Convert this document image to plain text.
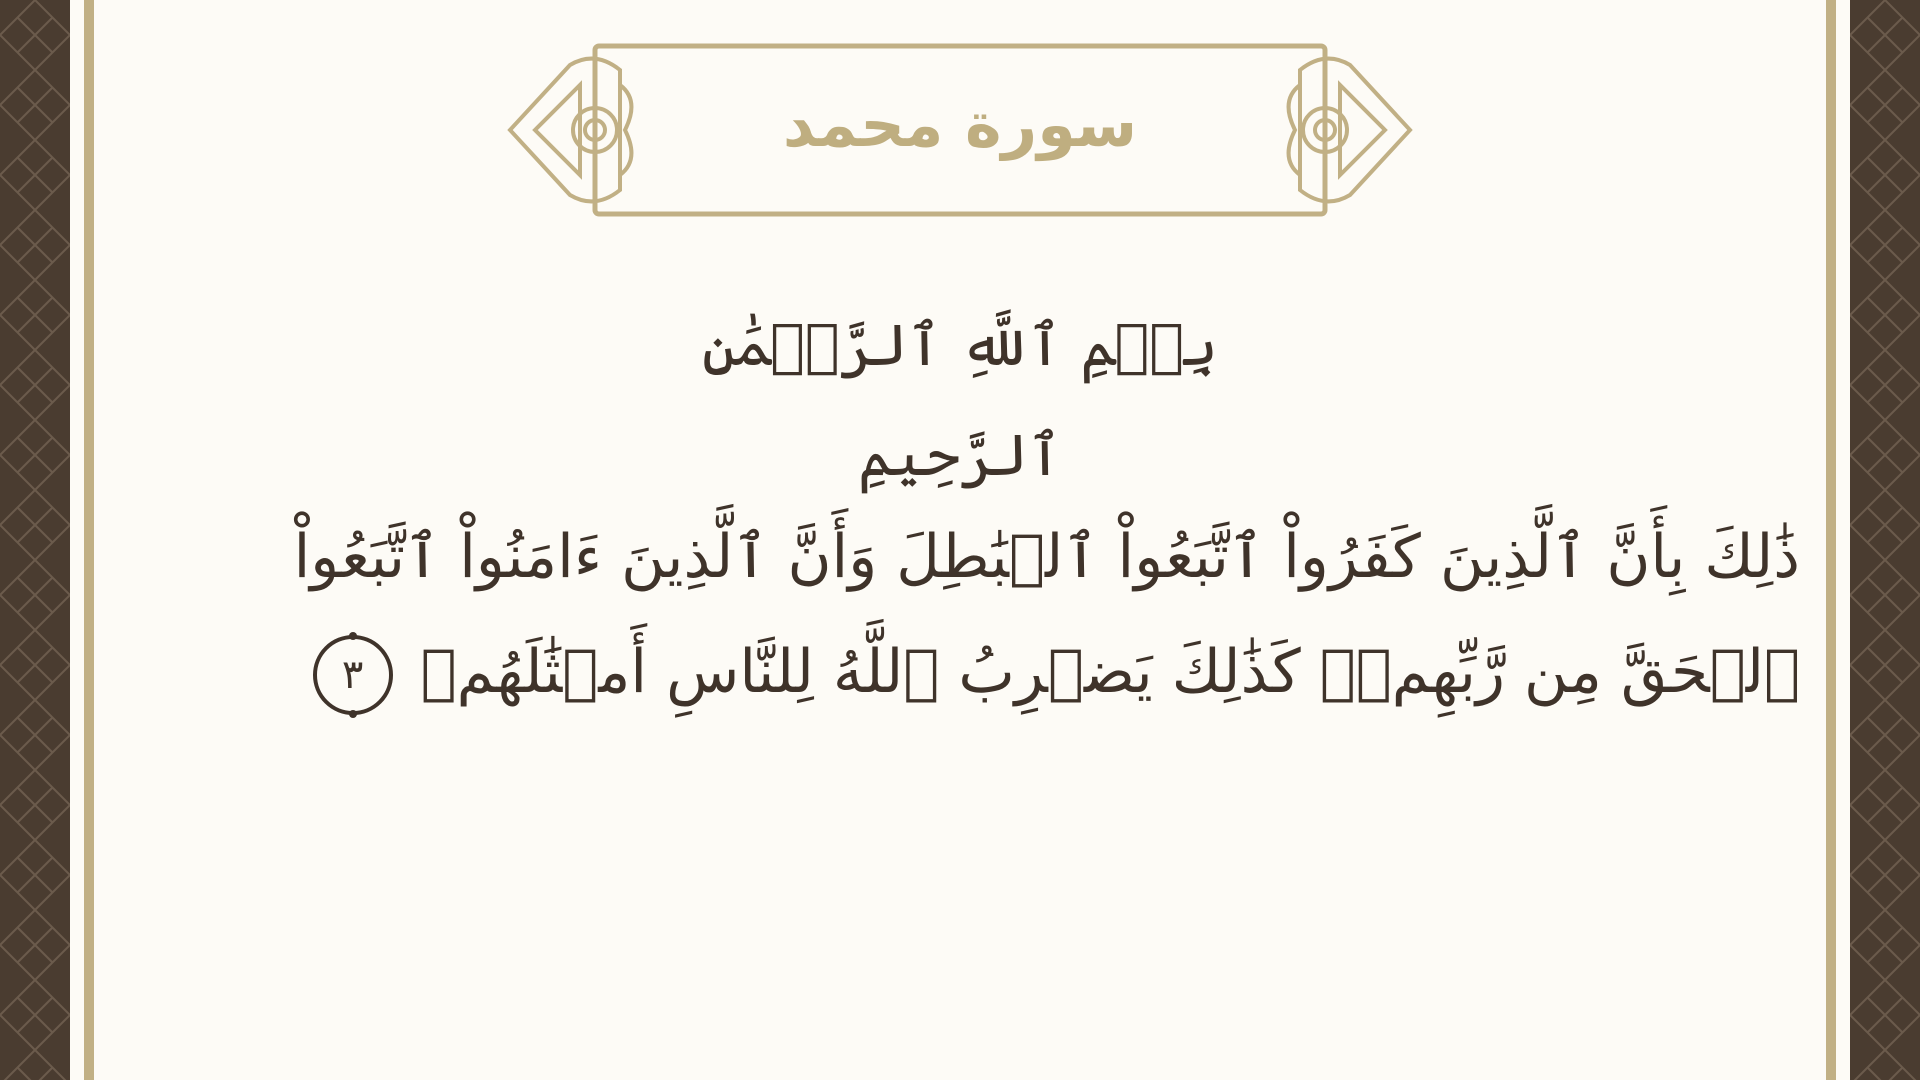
سورة محمد
بِسۡمِ ٱللَّهِ ٱلرَّحۡمَٰنِ ٱلرَّحِيمِ
ذَٰلِكَ بِأَنَّ ٱلَّذِينَ كَفَرُواْ ٱتَّبَعُواْ ٱلۡبَٰطِلَ وَأَنَّ ٱلَّذِينَ ءَامَنُواْ ٱتَّبَعُواْ
ٱلۡحَقَّ مِن رَّبِّهِمۡۚ كَذَٰلِكَ يَضۡرِبُ ٱللَّهُ لِلنَّاسِ أَمۡثَٰلَهُمۡ
٣
